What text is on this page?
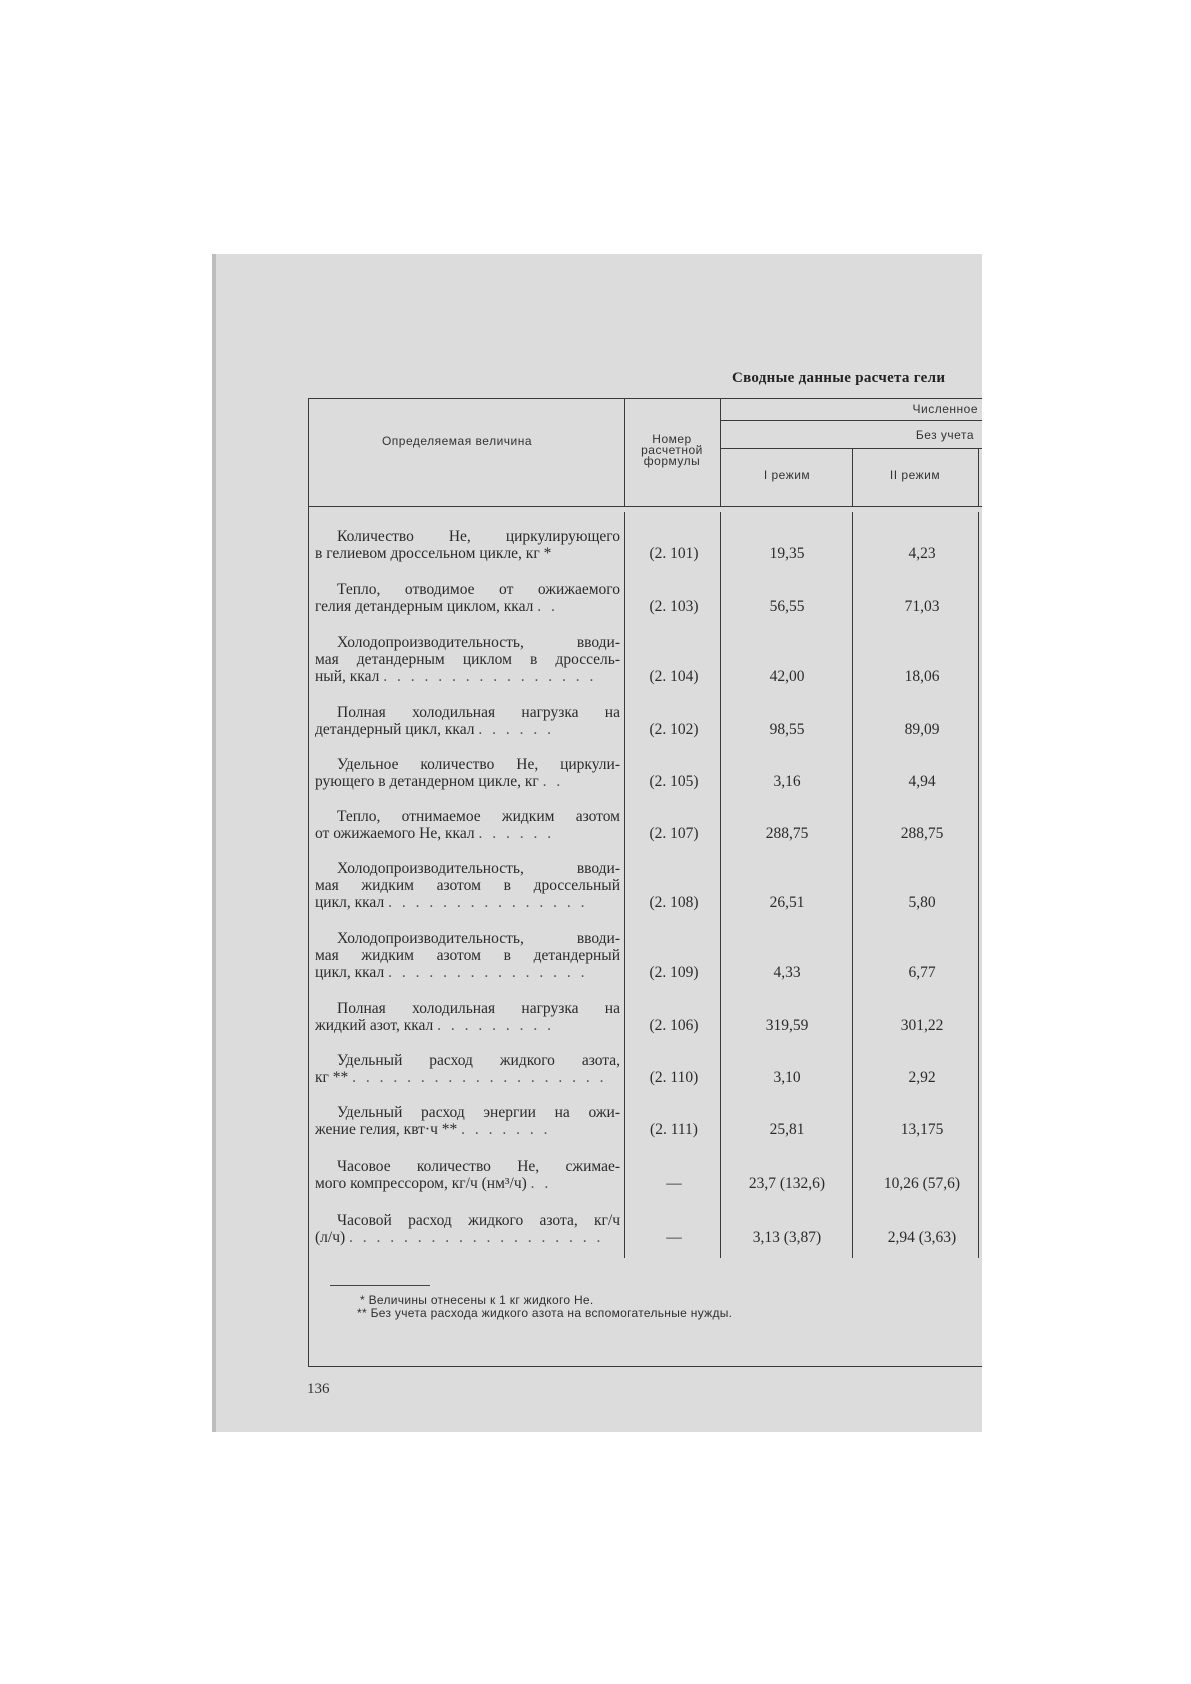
Сводные данные расчета гели
Определяемая величина	Номер расчетной формулы
Численное
Без учета
I режим	II режим
Количество He, циркулирующего
в гелиевом дроссельном цикле, кг *	(2. 101)	19,35	4,23
Тепло, отводимое от ожижаемого
гелия детандерным циклом, ккал . .	(2. 103)	56,55	71,03
Холодопроизводительность, вводи-
мая детандерным циклом в дроссель-
ный, ккал . . . . . . . . . . . . . . . .	(2. 104)	42,00	18,06
Полная холодильная нагрузка на
детандерный цикл, ккал . . . . . .	(2. 102)	98,55	89,09
Удельное количество He, циркули-
рующего в детандерном цикле, кг . .	(2. 105)	3,16	4,94
Тепло, отнимаемое жидким азотом
от ожижаемого He, ккал . . . . . .	(2. 107)	288,75	288,75
Холодопроизводительность, вводи-
мая жидким азотом в дроссельный
цикл, ккал . . . . . . . . . . . . . . .	(2. 108)	26,51	5,80
Холодопроизводительность, вводи-
мая жидким азотом в детандерный
цикл, ккал . . . . . . . . . . . . . . .	(2. 109)	4,33	6,77
Полная холодильная нагрузка на
жидкий азот, ккал . . . . . . . . .	(2. 106)	319,59	301,22
Удельный расход жидкого азота,
кг ** . . . . . . . . . . . . . . . . . . .	(2. 110)	3,10	2,92
Удельный расход энергии на ожи-
жение гелия, квт·ч ** . . . . . . .	(2. 111)	25,81	13,175
Часовое количество He, сжимае-
мого компрессором, кг/ч (нм³/ч) . .	—	23,7 (132,6)	10,26 (57,6)
Часовой расход жидкого азота, кг/ч
(л/ч) . . . . . . . . . . . . . . . . . . .	—	3,13 (3,87)	2,94 (3,63)
* Величины отнесены к 1 кг жидкого He.
** Без учета расхода жидкого азота на вспомогательные нужды.
136
